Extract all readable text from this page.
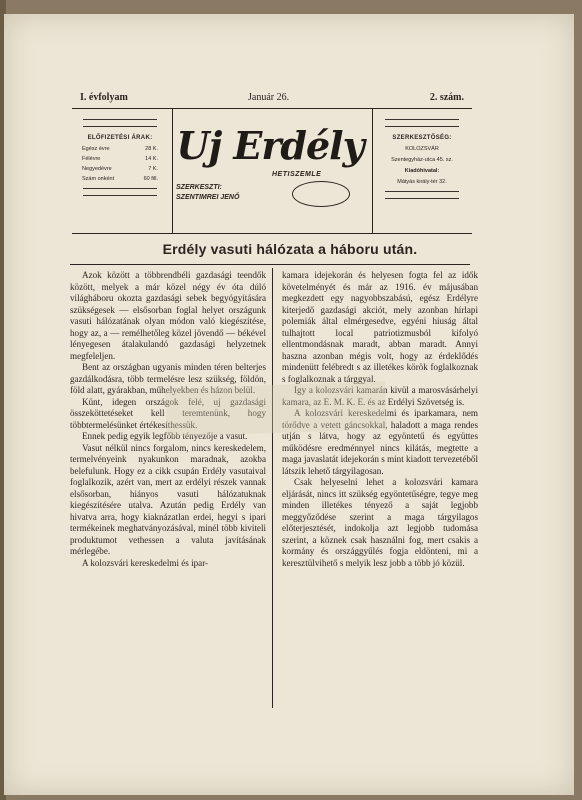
I. évfolyam	Január 26.	2. szám.
ELŐFIZETÉSI ÁRAK:
Egész évre	28 K.
Félévre	14 K.
Negyedévre	7 K.
Szám onként	60 fill.
Uj Erdély
HETISZEMLE
SZERKESZTI:
SZENTIMREI JENŐ
SZERKESZTŐSÉG:
KOLOZSVÁR
Szentegyház-utca 45. sz.
Kiadóhivatal:
Mátyás király-tér 32.
Erdély vasuti hálózata a háboru után.

Azok között a többrendbéli gazdasági teendők között, melyek a már közel négy év óta dúló világháboru okozta gazdasági sebek begyógyítására szükségesek — elsősorban foglal helyet országunk vasuti hálózatának olyan módon való kiegészítése, hogy az, a — remélhetőleg közel jövendő — békével lényegesen átalakulandó gazdasági helyzetnek megfeleljen.

Bent az országban ugyanis minden téren belterjes gazdálkodásra, több termelésre lesz szükség, földön, föld alatt, gyárakban, műhelyekben és házon belül.

Künt, idegen országok felé, uj gazdasági összeköttetéseket kell teremtenünk, hogy többtermelésünket értékesíthessük.

Ennek pedig egyik legfőbb tényezője a vasut.

Vasut nélkül nincs forgalom, nincs kereskedelem, termelvényeink nyakunkon maradnak, azokba belefulunk. Hogy ez a cikk csupán Erdély vasutaival foglalkozik, azért van, mert az erdélyi részek vannak elsősorban, hiányos vasuti hálózatuknak kiegészítésére utalva. Azután pedig Erdély van hivatva arra, hogy kiaknázatlan erdei, hegyi s ipari termékeinek meghatványozásával, minél több kiviteli produktumot vethessen a valuta javításának mérlegébe.

A kolozsvári kereskedelmi és ipar-

kamara idejekorán és helyesen fogta fel az idők követelményét és már az 1916. év májusában megkezdett egy nagyobbszabású, egész Erdélyre kiterjedő gazdasági akciót, mely azonban hírlapi polemiák által elmérgesedve, egyéni hiuság által tulhajtott local patriotizmusból kifolyó ellentmondásnak maradt, abban maradt. Annyi haszna azonban mégis volt, hogy az érdeklődés mindenütt felébredt s az illetékes körök foglalkoznak s foglalkoznak a tárggyal.

Igy a kolozsvári kamarán kivül a marosvásárhelyi kamara, az E. M. K. E. és az Erdélyi Szövetség is.

A kolozsvári kereskedelmi és iparkamara, nem törődve a vetett gáncsokkal, haladott a maga rendes utján s látva, hogy az egyöntetű és együttes működésre eredménnyel nincs kilátás, megtette a maga javaslatát idejekorán s mint kiadott tervezetéből látszik lehető tárgyilagosan.

Csak helyeselni lehet a kolozsvári kamara eljárását, nincs itt szükség egyöntetűségre, tegye meg minden illetékes tényező a saját legjobb meggyőződése szerint a maga tárgyilagos előterjesztését, indokolja azt legjobb tudomása szerint, a köznek csak használni fog, mert csakis a kormány és országgyűlés fogja eldönteni, mi a keresztülvihető s melyik lesz jobb a több jó közül.
